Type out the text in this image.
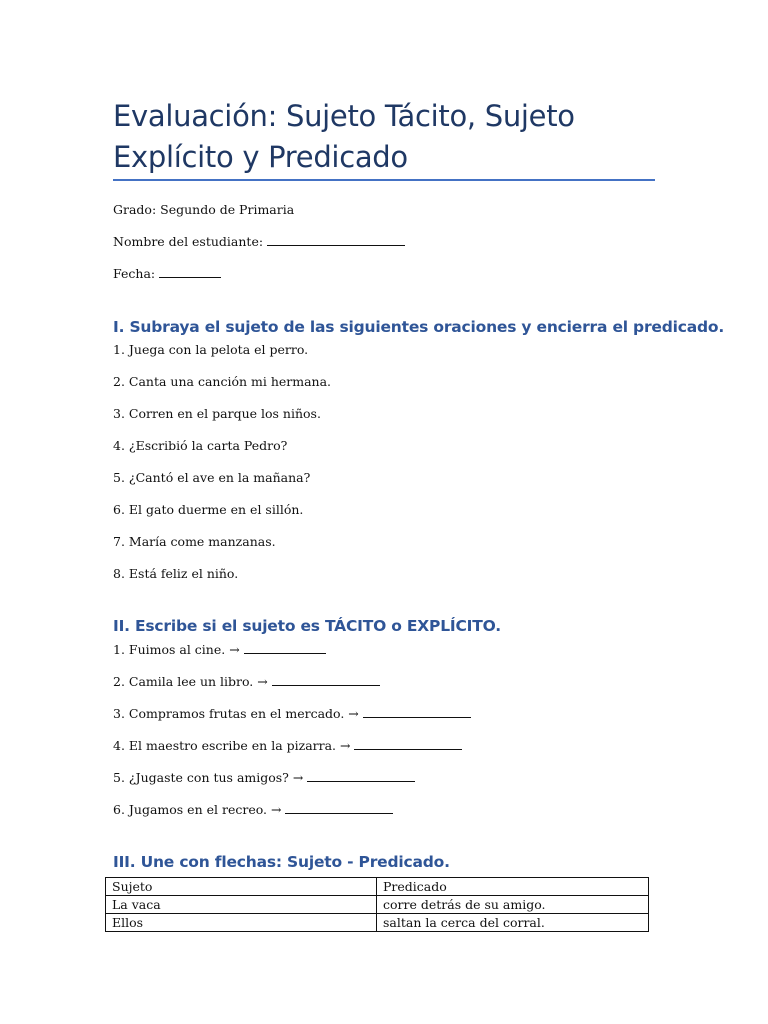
Evaluación: Sujeto Tácito, Sujeto Explícito y Predicado

Grado: Segundo de Primaria

Nombre del estudiante:

Fecha:

I. Subraya el sujeto de las siguientes oraciones y encierra el predicado.

1. Juega con la pelota el perro.

2. Canta una canción mi hermana.

3. Corren en el parque los niños.

4. ¿Escribió la carta Pedro?

5. ¿Cantó el ave en la mañana?

6. El gato duerme en el sillón.

7. María come manzanas.

8. Está feliz el niño.

II. Escribe si el sujeto es TÁCITO o EXPLÍCITO.

1. Fuimos al cine. →

2. Camila lee un libro. →

3. Compramos frutas en el mercado. →

4. El maestro escribe en la pizarra. →

5. ¿Jugaste con tus amigos? →

6. Jugamos en el recreo. →

III. Une con flechas: Sujeto - Predicado.
Sujeto	Predicado
La vaca	corre detrás de su amigo.
Ellos	saltan la cerca del corral.
